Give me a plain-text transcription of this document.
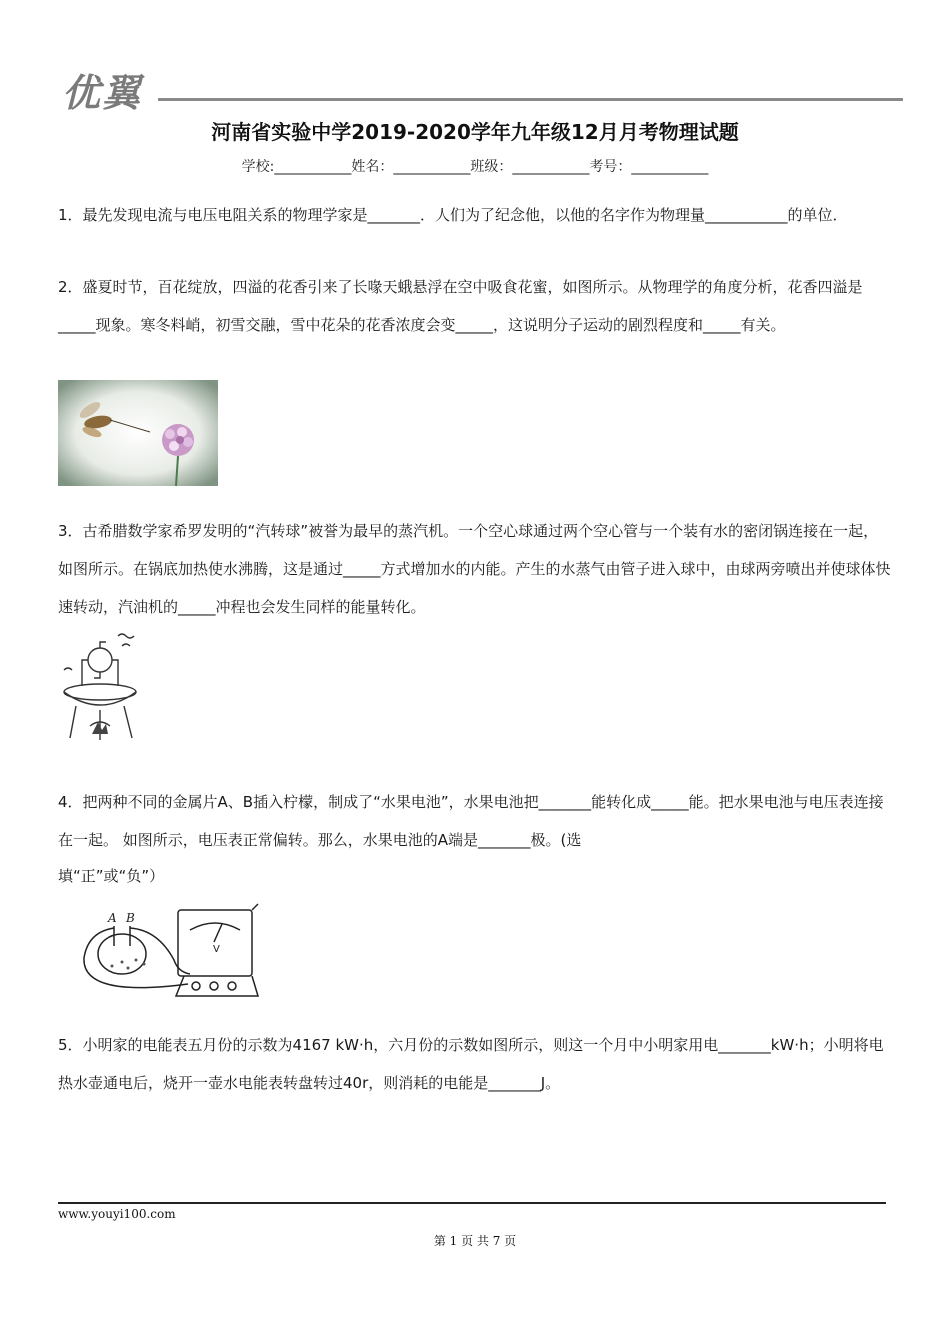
优翼
河南省实验中学2019-2020学年九年级12月月考物理试题
学校:___________姓名：___________班级：___________考号：___________
1．最先发现电流与电压电阻关系的物理学家是_______．人们为了纪念他，以他的名字作为物理量___________的单位．
2．盛夏时节，百花绽放，四溢的花香引来了长喙天蛾悬浮在空中吸食花蜜，如图所示。从物理学的角度分析，花香四溢是_____现象。寒冬料峭，初雪交融，雪中花朵的花香浓度会变_____，这说明分子运动的剧烈程度和_____有关。
3．古希腊数学家希罗发明的“汽转球”被誉为最早的蒸汽机。一个空心球通过两个空心管与一个装有水的密闭锅连接在一起，如图所示。在锅底加热使水沸腾，这是通过_____方式增加水的内能。产生的水蒸气由管子进入球中，由球两旁喷出并使球体快速转动，汽油机的_____冲程也会发生同样的能量转化。
4．把两种不同的金属片A、B插入柠檬，制成了“水果电池”，水果电池把_______能转化成_____能。把水果电池与电压表连接在一起。 如图所示，电压表正常偏转。那么，水果电池的A端是_______极。(选
填“正”或“负”）
A B
V
5．小明家的电能表五月份的示数为4167 kW·h，六月份的示数如图所示，则这一个月中小明家用电_______kW·h；小明将电热水壶通电后，烧开一壶水电能表转盘转过40r，则消耗的电能是_______J。
www.youyi100.com
第 1 页 共 7 页
